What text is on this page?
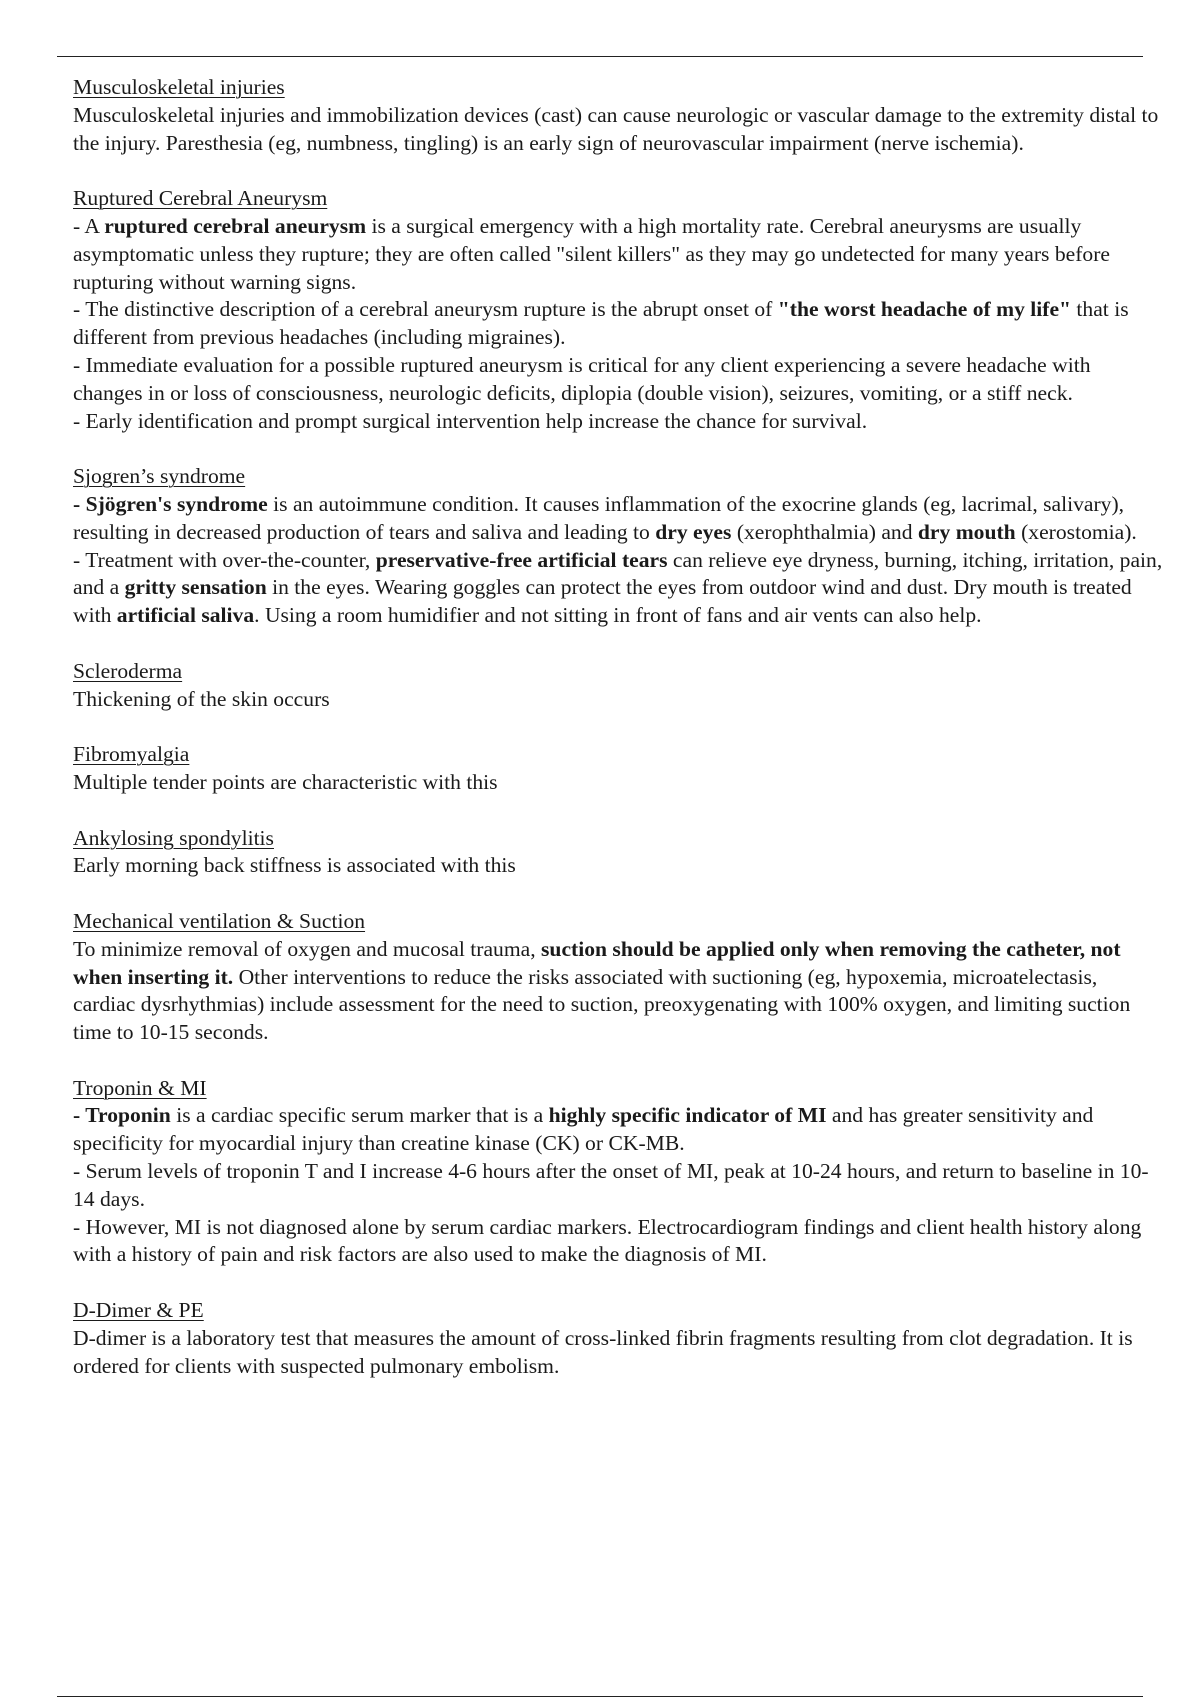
Musculoskeletal injuries

Musculoskeletal injuries and immobilization devices (cast) can cause neurologic or vascular damage to the extremity distal to the injury. Paresthesia (eg, numbness, tingling) is an early sign of neurovascular impairment (nerve ischemia).

Ruptured Cerebral Aneurysm

- A ruptured cerebral aneurysm is a surgical emergency with a high mortality rate. Cerebral aneurysms are usually asymptomatic unless they rupture; they are often called "silent killers" as they may go undetected for many years before rupturing without warning signs.

- The distinctive description of a cerebral aneurysm rupture is the abrupt onset of "the worst headache of my life" that is different from previous headaches (including migraines).

- Immediate evaluation for a possible ruptured aneurysm is critical for any client experiencing a severe headache with changes in or loss of consciousness, neurologic deficits, diplopia (double vision), seizures, vomiting, or a stiff neck.

- Early identification and prompt surgical intervention help increase the chance for survival.

Sjogren’s syndrome

- Sjögren's syndrome is an autoimmune condition. It causes inflammation of the exocrine glands (eg, lacrimal, salivary), resulting in decreased production of tears and saliva and leading to dry eyes (xerophthalmia) and dry mouth (xerostomia).

- Treatment with over-the-counter, preservative-free artificial tears can relieve eye dryness, burning, itching, irritation, pain, and a gritty sensation in the eyes. Wearing goggles can protect the eyes from outdoor wind and dust. Dry mouth is treated with artificial saliva. Using a room humidifier and not sitting in front of fans and air vents can also help.

Scleroderma

Thickening of the skin occurs

Fibromyalgia

Multiple tender points are characteristic with this

Ankylosing spondylitis

Early morning back stiffness is associated with this

Mechanical ventilation & Suction

To minimize removal of oxygen and mucosal trauma, suction should be applied only when removing the catheter, not when inserting it. Other interventions to reduce the risks associated with suctioning (eg, hypoxemia, microatelectasis, cardiac dysrhythmias) include assessment for the need to suction, preoxygenating with 100% oxygen, and limiting suction time to 10-15 seconds.

Troponin & MI

- Troponin is a cardiac specific serum marker that is a highly specific indicator of MI and has greater sensitivity and specificity for myocardial injury than creatine kinase (CK) or CK-MB.

- Serum levels of troponin T and I increase 4-6 hours after the onset of MI, peak at 10-24 hours, and return to baseline in 10-14 days.

- However, MI is not diagnosed alone by serum cardiac markers. Electrocardiogram findings and client health history along with a history of pain and risk factors are also used to make the diagnosis of MI.

D-Dimer & PE

D-dimer is a laboratory test that measures the amount of cross-linked fibrin fragments resulting from clot degradation. It is ordered for clients with suspected pulmonary embolism.
